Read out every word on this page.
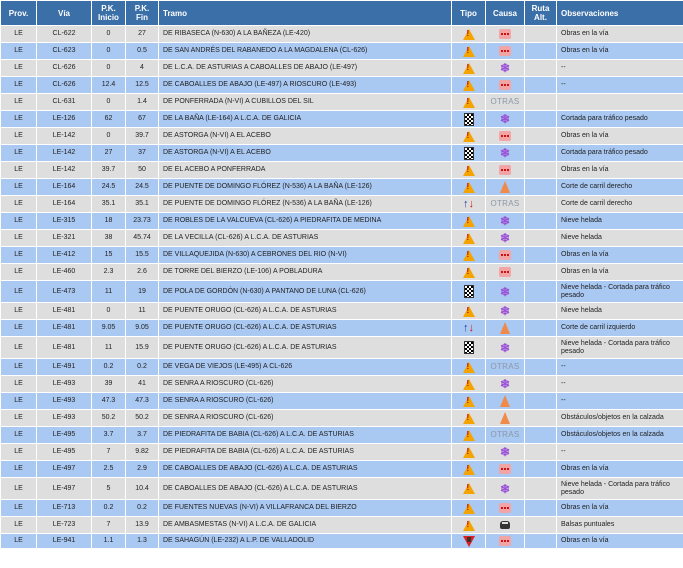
Prov.	Vía	P.K. Inicio	P.K. Fin	Tramo	Tipo	Causa	Ruta Alt.	Observaciones
LE	CL-622	0	27	DE RIBASECA (N-630) A LA BAÑEZA (LE-420)	!			Obras en la vía
LE	CL-623	0	0.5	DE SAN ANDRÉS DEL RABANEDO A LA MAGDALENA (CL-626)	!			Obras en la vía
LE	CL-626	0	4	DE L.C.A. DE ASTURIAS A CABOALLES DE ABAJO (LE-497)	!	❄		--
LE	CL-626	12.4	12.5	DE CABOALLES DE ABAJO (LE-497) A RIOSCURO (LE-493)	!			--
LE	CL-631	0	1.4	DE PONFERRADA (N-VI) A CUBILLOS DEL SIL	!	OTRAS		
LE	LE-126	62	67	DE LA BAÑA (LE-164) A L.C.A. DE GALICIA		❄		Cortada para tráfico pesado
LE	LE-142	0	39.7	DE ASTORGA (N-VI) A EL ACEBO	!			Obras en la vía
LE	LE-142	27	37	DE ASTORGA (N-VI) A EL ACEBO		❄		Cortada para tráfico pesado
LE	LE-142	39.7	50	DE EL ACEBO A PONFERRADA	!			Obras en la vía
LE	LE-164	24.5	24.5	DE PUENTE DE DOMINGO FLÓREZ (N-536) A LA BAÑA (LE-126)	!			Corte de carril derecho
LE	LE-164	35.1	35.1	DE PUENTE DE DOMINGO FLÓREZ (N-536) A LA BAÑA (LE-126)	↑↓	OTRAS		Corte de carril derecho
LE	LE-315	18	23.73	DE ROBLES DE LA VALCUEVA (CL-626) A PIEDRAFITA DE MEDINA	!	❄		Nieve helada
LE	LE-321	38	45.74	DE LA VECILLA (CL-626) A L.C.A. DE ASTURIAS	!	❄		Nieve helada
LE	LE-412	15	15.5	DE VILLAQUEJIDA (N-630) A CEBRONES DEL RIO (N-VI)	!			Obras en la vía
LE	LE-460	2.3	2.6	DE TORRE DEL BIERZO (LE-106) A POBLADURA	!			Obras en la vía
LE	LE-473	11	19	DE POLA DE GORDÓN (N-630) A PANTANO DE LUNA (CL-626)		❄		Nieve helada - Cortada para tráfico pesado
LE	LE-481	0	11	DE PUENTE ORUGO (CL-626) A L.C.A. DE ASTURIAS	!	❄		Nieve helada
LE	LE-481	9.05	9.05	DE PUENTE ORUGO (CL-626) A L.C.A. DE ASTURIAS	↑↓			Corte de carril izquierdo
LE	LE-481	11	15.9	DE PUENTE ORUGO (CL-626) A L.C.A. DE ASTURIAS		❄		Nieve helada - Cortada para tráfico pesado
LE	LE-491	0.2	0.2	DE VEGA DE VIEJOS (LE-495) A CL-626	!	OTRAS		--
LE	LE-493	39	41	DE SENRA A RIOSCURO (CL-626)	!	❄		--
LE	LE-493	47.3	47.3	DE SENRA A RIOSCURO (CL-626)	!			--
LE	LE-493	50.2	50.2	DE SENRA A RIOSCURO (CL-626)	!			Obstáculos/objetos en la calzada
LE	LE-495	3.7	3.7	DE PIEDRAFITA DE BABIA (CL-626) A L.C.A. DE ASTURIAS	!	OTRAS		Obstáculos/objetos en la calzada
LE	LE-495	7	9.82	DE PIEDRAFITA DE BABIA (CL-626) A L.C.A. DE ASTURIAS	!	❄		--
LE	LE-497	2.5	2.9	DE CABOALLES DE ABAJO (CL-626) A L.C.A. DE ASTURIAS	!			Obras en la vía
LE	LE-497	5	10.4	DE CABOALLES DE ABAJO (CL-626) A L.C.A. DE ASTURIAS	!	❄		Nieve helada - Cortada para tráfico pesado
LE	LE-713	0.2	0.2	DE FUENTES NUEVAS (N-VI) A VILLAFRANCA DEL BIERZO	!			Obras en la vía
LE	LE-723	7	13.9	DE AMBASMESTAS (N-VI) A L.C.A. DE GALICIA	!			Balsas puntuales
LE	LE-941	1.1	1.3	DE SAHAGÚN (LE-232) A L.P. DE VALLADOLID				Obras en la vía
